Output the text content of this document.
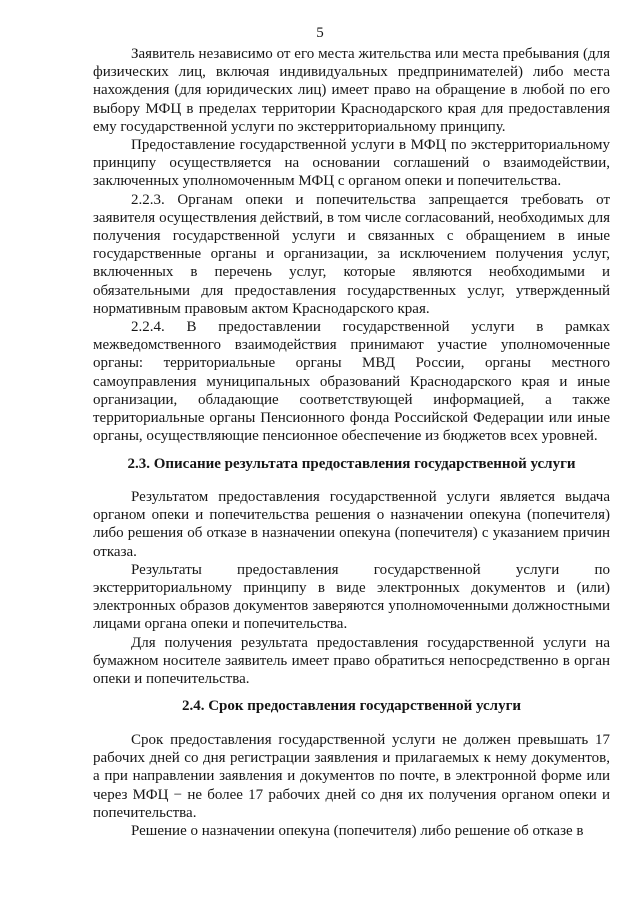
5

Заявитель независимо от его места жительства или места пребывания (для физических лиц, включая индивидуальных предпринимателей) либо места нахождения (для юридических лиц) имеет право на обращение в любой по его выбору МФЦ в пределах территории Краснодарского края для предоставления ему государственной услуги по экстерриториальному принципу.

Предоставление государственной услуги в МФЦ по экстерриториальному принципу осуществляется на основании соглашений о взаимодействии, заключенных уполномоченным МФЦ с органом опеки и попечительства.

2.2.3. Органам опеки и попечительства запрещается требовать от заявителя осуществления действий, в том числе согласований, необходимых для получения государственной услуги и связанных с обращением в иные государственные органы и организации, за исключением получения услуг, включенных в перечень услуг, которые являются необходимыми и обязательными для предоставления государственных услуг, утвержденный нормативным правовым актом Краснодарского края.

2.2.4. В предоставлении государственной услуги в рамках межведомственного взаимодействия принимают участие уполномоченные органы: территориальные органы МВД России, органы местного самоуправления муниципальных образований Краснодарского края и иные организации, обладающие соответствующей информацией, а также территориальные органы Пенсионного фонда Российской Федерации или иные органы, осуществляющие пенсионное обеспечение из бюджетов всех уровней.

2.3. Описание результата предоставления государственной услуги

Результатом предоставления государственной услуги является выдача органом опеки и попечительства решения о назначении опекуна (попечителя) либо решения об отказе в назначении опекуна (попечителя) с указанием причин отказа.

Результаты предоставления государственной услуги по экстерриториальному принципу в виде электронных документов и (или) электронных образов документов заверяются уполномоченными должностными лицами органа опеки и попечительства.

Для получения результата предоставления государственной услуги на бумажном носителе заявитель имеет право обратиться непосредственно в орган опеки и попечительства.

2.4. Срок предоставления государственной услуги

Срок предоставления государственной услуги не должен превышать 17 рабочих дней со дня регистрации заявления и прилагаемых к нему документов, а при направлении заявления и документов по почте, в электронной форме или через МФЦ − не более 17 рабочих дней со дня их получения органом опеки и попечительства.

Решение о назначении опекуна (попечителя) либо решение об отказе в
